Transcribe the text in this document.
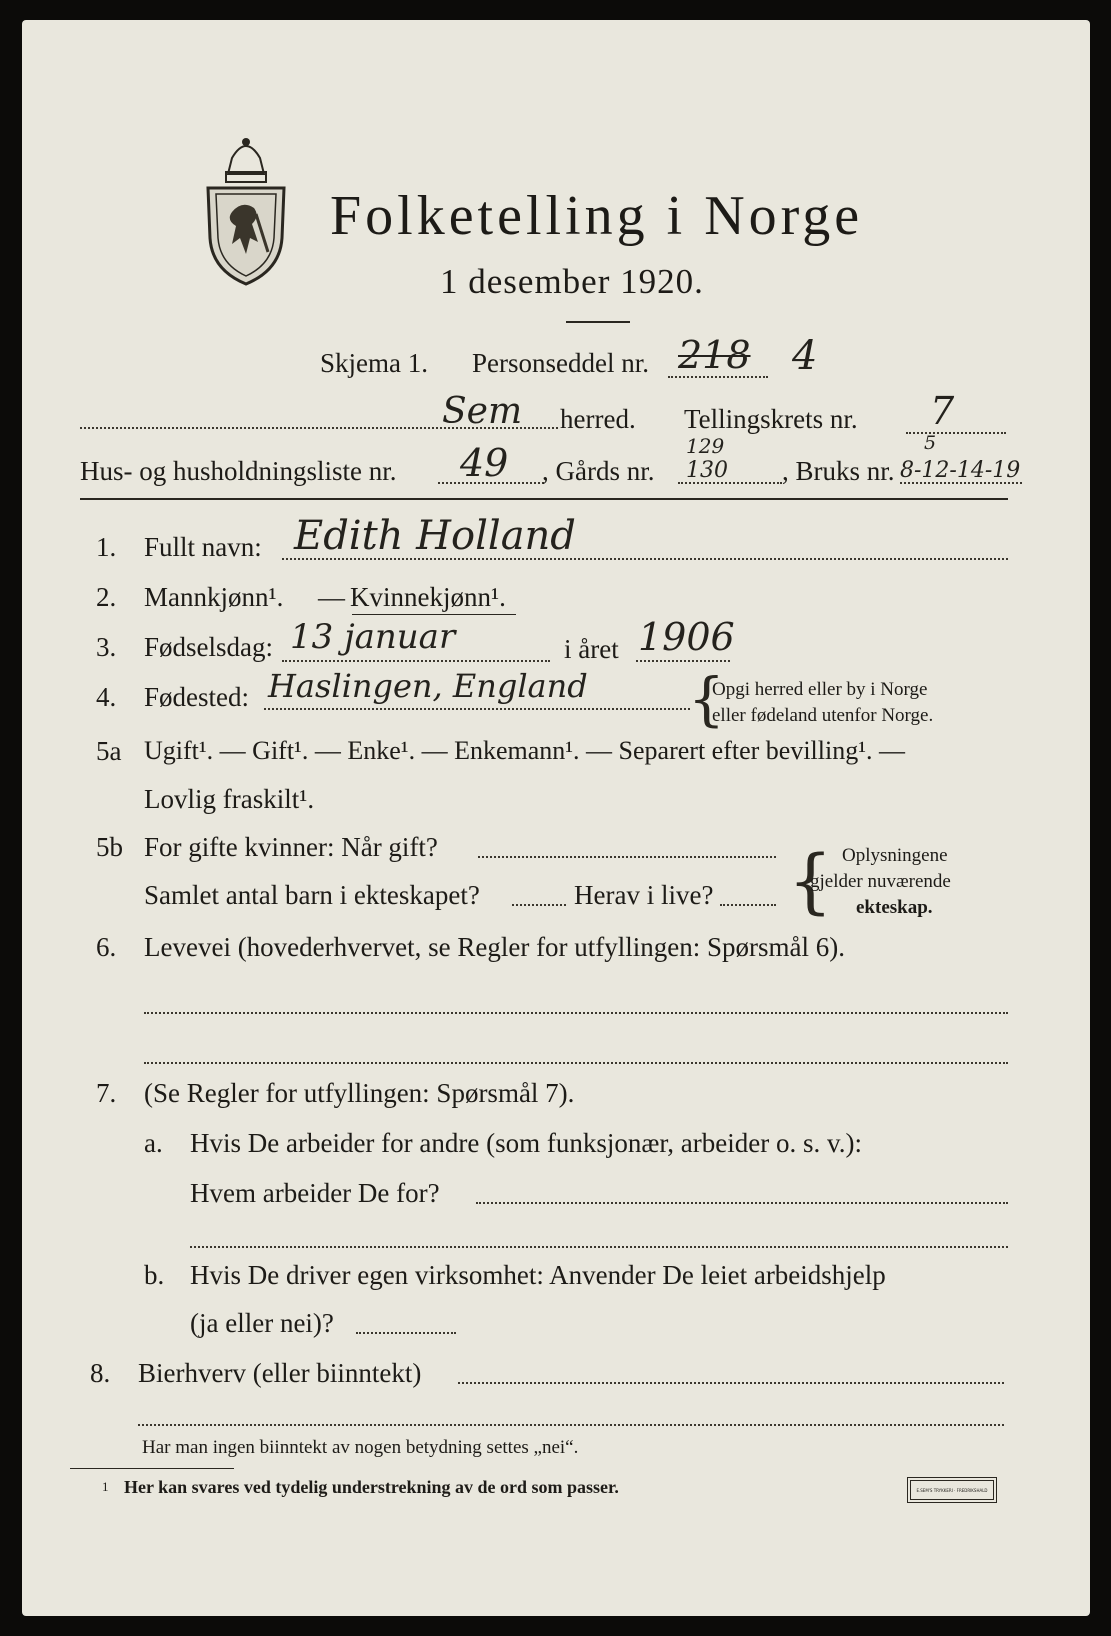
Folketelling i Norge
1 desember 1920.
Skjema 1. Personseddel nr. 218 4
Sem herred. Tellingskrets nr. 7
Hus- og husholdningsliste nr. 49 , Gårds nr.
129
130 , Bruks nr.
5
8-12-14-19
1. Fullt navn: Edith Holland
2. Mannkjønn¹. — Kvinnekjønn¹.
3. Fødselsdag: 13 januar	i året 1906
4. Fødested: Haslingen, England {
Opgi herred eller by i Norge
eller fødeland utenfor Norge.
5a Ugift¹. — Gift¹. — Enke¹. — Enkemann¹. — Separert efter bevilling¹. —
Lovlig fraskilt¹.
5b For gifte kvinner: Når gift?
Samlet antal barn i ekteskapet?	Herav i live? { Oplysningene
gjelder nuværende
ekteskap.
6. Levevei (hovederhvervet, se Regler for utfyllingen: Spørsmål 6).
7. (Se Regler for utfyllingen: Spørsmål 7).
a. Hvis De arbeider for andre (som funksjonær, arbeider o. s. v.):
Hvem arbeider De for?
b. Hvis De driver egen virksomhet: Anvender De leiet arbeidshjelp
(ja eller nei)?
8. Bierhverv (eller biinntekt)
Har man ingen biinntekt av nogen betydning settes „nei“.
1 Her kan svares ved tydelig understrekning av de ord som passer.	E.SEM'S TRYKKERI · FREDRIKSHALD
